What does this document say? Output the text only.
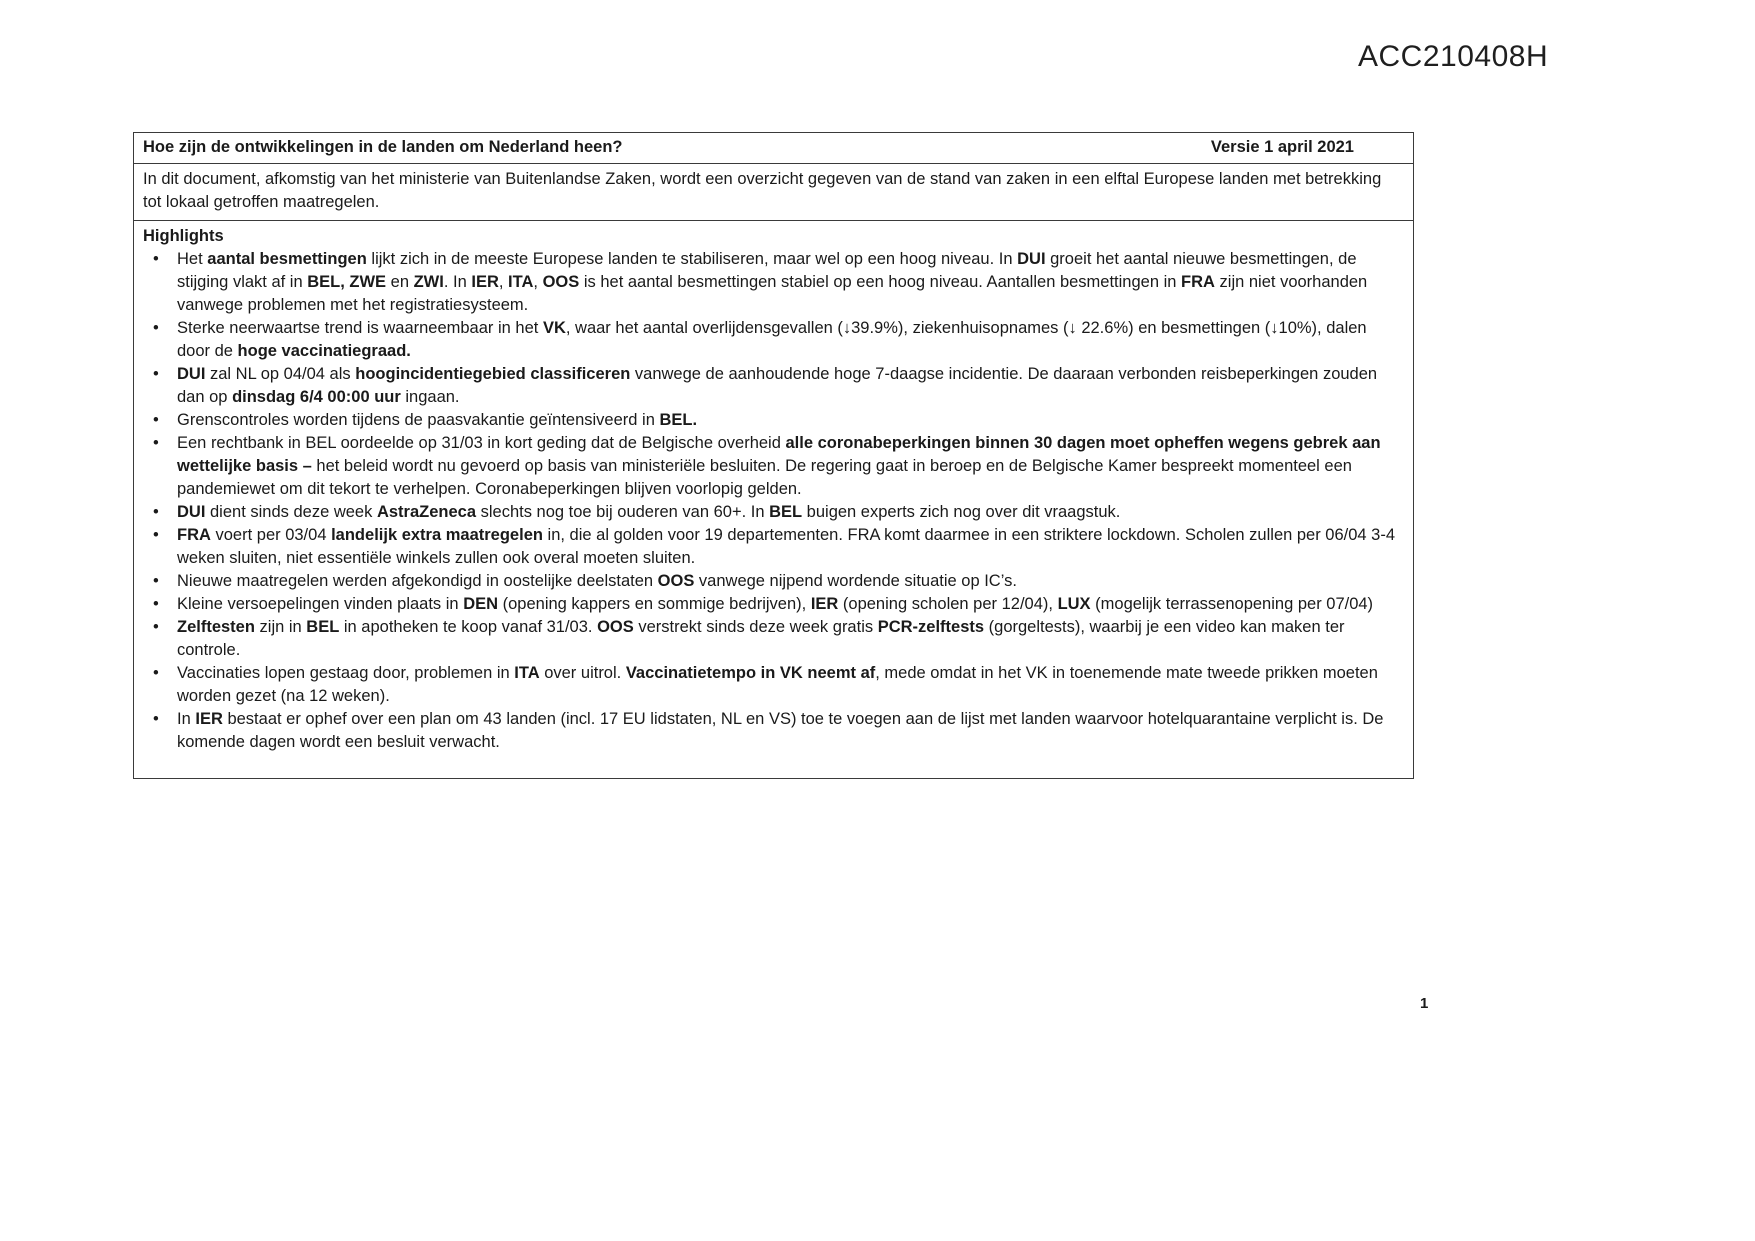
ACC210408H
Hoe zijn de ontwikkelingen in de landen om Nederland heen?	Versie 1 april 2021
In dit document, afkomstig van het ministerie van Buitenlandse Zaken, wordt een overzicht gegeven van de stand van zaken in een elftal Europese landen met betrekking tot lokaal getroffen maatregelen.
Highlights
• Het aantal besmettingen lijkt zich in de meeste Europese landen te stabiliseren, maar wel op een hoog niveau. In DUI groeit het aantal nieuwe besmettingen, de stijging vlakt af in BEL, ZWE en ZWI. In IER, ITA, OOS is het aantal besmettingen stabiel op een hoog niveau. Aantallen besmettingen in FRA zijn niet voorhanden vanwege problemen met het registratiesysteem.
• Sterke neerwaartse trend is waarneembaar in het VK, waar het aantal overlijdensgevallen (↓39.9%), ziekenhuisopnames (↓ 22.6%) en besmettingen (↓10%), dalen door de hoge vaccinatiegraad.
• DUI zal NL op 04/04 als hoogincidentiegebied classificeren vanwege de aanhoudende hoge 7-daagse incidentie. De daaraan verbonden reisbeperkingen zouden dan op dinsdag 6/4 00:00 uur ingaan.
• Grenscontroles worden tijdens de paasvakantie geïntensiveerd in BEL.
• Een rechtbank in BEL oordeelde op 31/03 in kort geding dat de Belgische overheid alle coronabeperkingen binnen 30 dagen moet opheffen wegens gebrek aan wettelijke basis – het beleid wordt nu gevoerd op basis van ministeriële besluiten. De regering gaat in beroep en de Belgische Kamer bespreekt momenteel een pandemiewet om dit tekort te verhelpen. Coronabeperkingen blijven voorlopig gelden.
• DUI dient sinds deze week AstraZeneca slechts nog toe bij ouderen van 60+. In BEL buigen experts zich nog over dit vraagstuk.
• FRA voert per 03/04 landelijk extra maatregelen in, die al golden voor 19 departementen. FRA komt daarmee in een striktere lockdown. Scholen zullen per 06/04 3-4 weken sluiten, niet essentiële winkels zullen ook overal moeten sluiten.
• Nieuwe maatregelen werden afgekondigd in oostelijke deelstaten OOS vanwege nijpend wordende situatie op IC’s.
• Kleine versoepelingen vinden plaats in DEN (opening kappers en sommige bedrijven), IER (opening scholen per 12/04), LUX (mogelijk terrassenopening per 07/04)
• Zelftesten zijn in BEL in apotheken te koop vanaf 31/03. OOS verstrekt sinds deze week gratis PCR-zelftests (gorgeltests), waarbij je een video kan maken ter controle.
• Vaccinaties lopen gestaag door, problemen in ITA over uitrol. Vaccinatietempo in VK neemt af, mede omdat in het VK in toenemende mate tweede prikken moeten worden gezet (na 12 weken).
• In IER bestaat er ophef over een plan om 43 landen (incl. 17 EU lidstaten, NL en VS) toe te voegen aan de lijst met landen waarvoor hotelquarantaine verplicht is. De komende dagen wordt een besluit verwacht.
1
